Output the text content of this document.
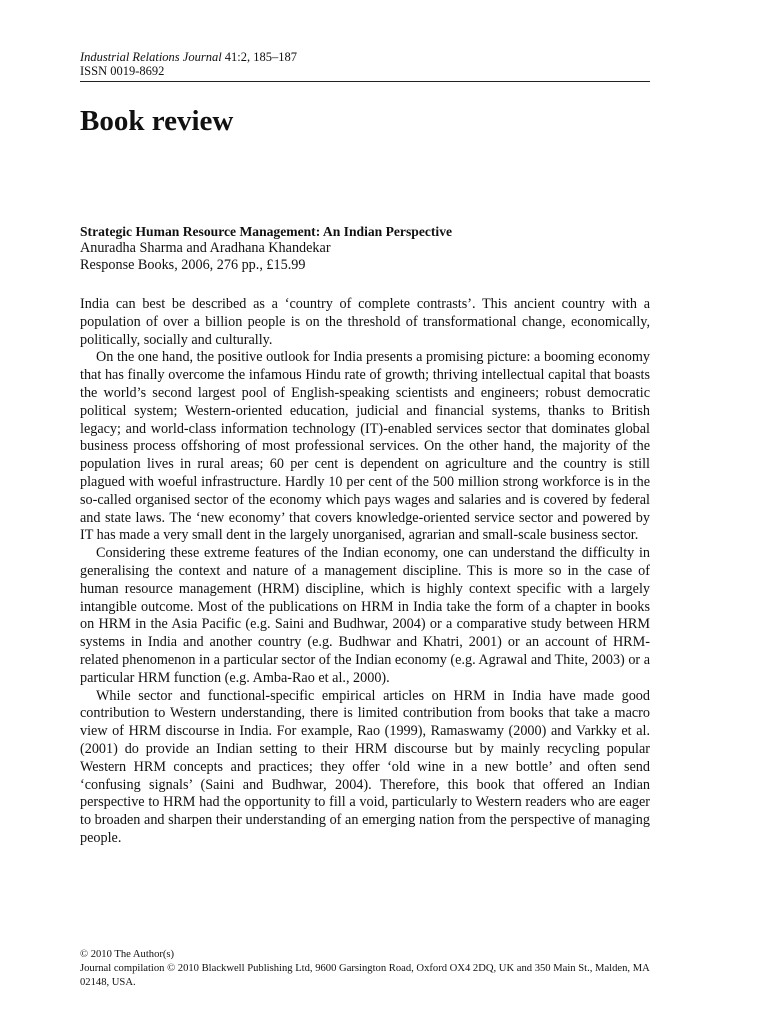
Industrial Relations Journal 41:2, 185–187
ISSN 0019-8692
Book review
Strategic Human Resource Management: An Indian Perspective
Anuradha Sharma and Aradhana Khandekar
Response Books, 2006, 276 pp., £15.99

India can best be described as a ‘country of complete contrasts’. This ancient country with a population of over a billion people is on the threshold of transformational change, economically, politically, socially and culturally.

On the one hand, the positive outlook for India presents a promising picture: a booming economy that has finally overcome the infamous Hindu rate of growth; thriving intellectual capital that boasts the world’s second largest pool of English-speaking scientists and engineers; robust democratic political system; Western-oriented education, judicial and financial systems, thanks to British legacy; and world-class information technology (IT)-enabled services sector that dominates global business process offshoring of most professional services. On the other hand, the majority of the population lives in rural areas; 60 per cent is dependent on agriculture and the country is still plagued with woeful infrastructure. Hardly 10 per cent of the 500 million strong workforce is in the so-called organised sector of the economy which pays wages and salaries and is covered by federal and state laws. The ‘new economy’ that covers knowledge-oriented service sector and powered by IT has made a very small dent in the largely unorganised, agrarian and small-scale business sector.

Considering these extreme features of the Indian economy, one can understand the difficulty in generalising the context and nature of a management discipline. This is more so in the case of human resource management (HRM) discipline, which is highly context specific with a largely intangible outcome. Most of the publications on HRM in India take the form of a chapter in books on HRM in the Asia Pacific (e.g. Saini and Budhwar, 2004) or a comparative study between HRM systems in India and another country (e.g. Budhwar and Khatri, 2001) or an account of HRM-related phenomenon in a particular sector of the Indian economy (e.g. Agrawal and Thite, 2003) or a particular HRM function (e.g. Amba-Rao et al., 2000).

While sector and functional-specific empirical articles on HRM in India have made good contribution to Western understanding, there is limited contribution from books that take a macro view of HRM discourse in India. For example, Rao (1999), Ramaswamy (2000) and Varkky et al. (2001) do provide an Indian setting to their HRM discourse but by mainly recycling popular Western HRM concepts and practices; they offer ‘old wine in a new bottle’ and often send ‘confusing signals’ (Saini and Budhwar, 2004). Therefore, this book that offered an Indian perspective to HRM had the opportunity to fill a void, particularly to Western readers who are eager to broaden and sharpen their understanding of an emerging nation from the perspective of managing people.

© 2010 The Author(s)
Journal compilation © 2010 Blackwell Publishing Ltd, 9600 Garsington Road, Oxford OX4 2DQ, UK and 350 Main St., Malden, MA 02148, USA.
